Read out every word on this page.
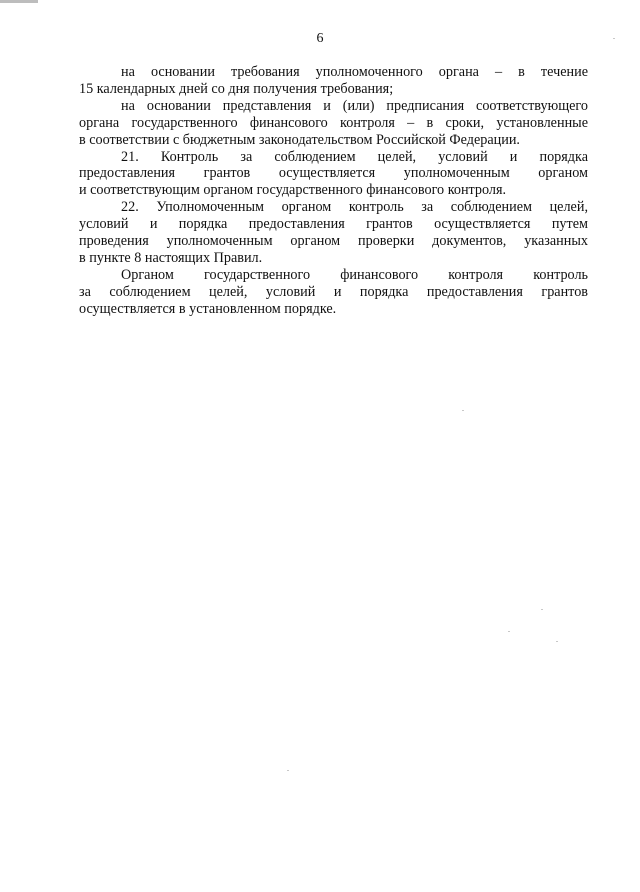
6
на основании требования уполномоченного органа – в течение
15 календарных дней со дня получения требования;
на основании представления и (или) предписания соответствующего
органа государственного финансового контроля – в сроки, установленные
в соответствии с бюджетным законодательством Российской Федерации.
21. Контроль за соблюдением целей, условий и порядка
предоставления грантов осуществляется уполномоченным органом
и соответствующим органом государственного финансового контроля.
22. Уполномоченным органом контроль за соблюдением целей,
условий и порядка предоставления грантов осуществляется путем
проведения уполномоченным органом проверки документов, указанных
в пункте 8 настоящих Правил.
Органом государственного финансового контроля контроль
за соблюдением целей, условий и порядка предоставления грантов
осуществляется в установленном порядке.
